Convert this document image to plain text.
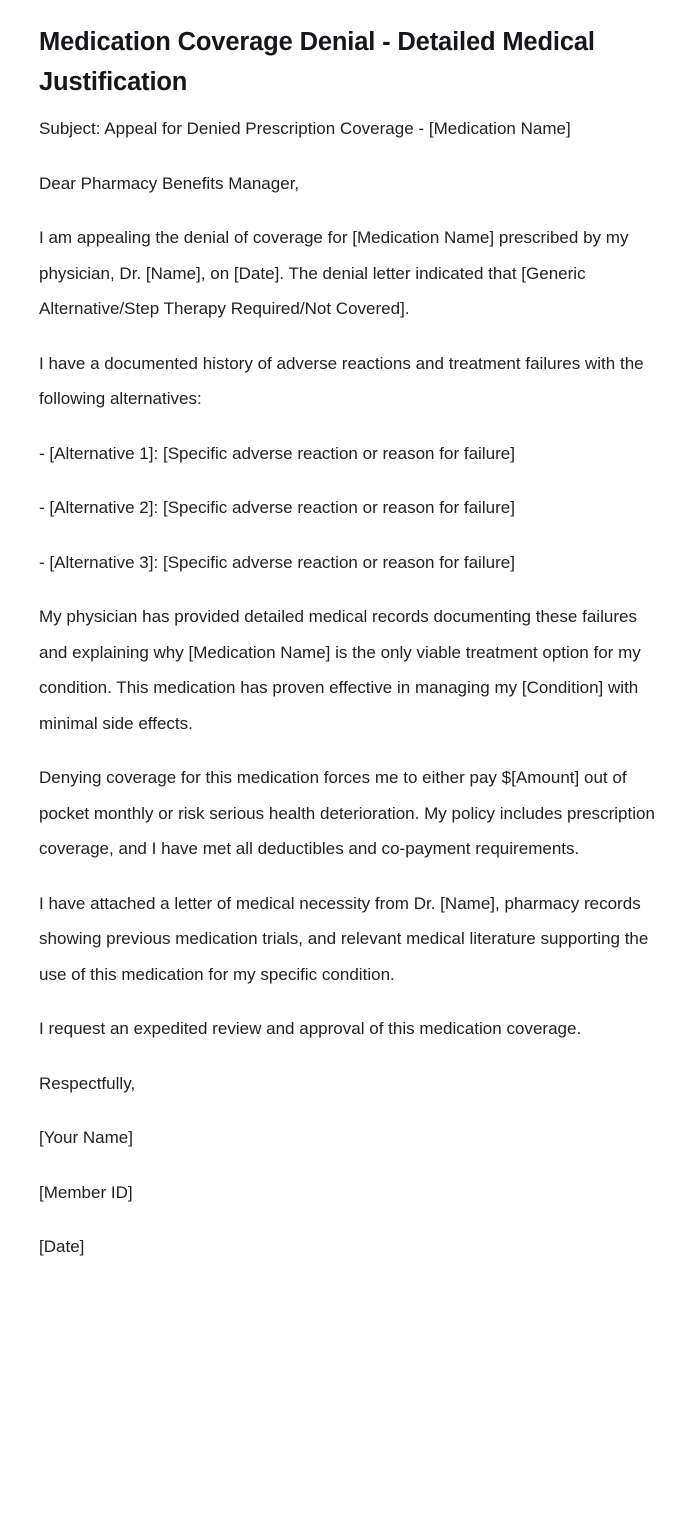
Medication Coverage Denial - Detailed Medical Justification

Subject: Appeal for Denied Prescription Coverage - [Medication Name]

Dear Pharmacy Benefits Manager,

I am appealing the denial of coverage for [Medication Name] prescribed by my physician, Dr. [Name], on [Date]. The denial letter indicated that [Generic Alternative/Step Therapy Required/Not Covered].

I have a documented history of adverse reactions and treatment failures with the following alternatives:

- [Alternative 1]: [Specific adverse reaction or reason for failure]

- [Alternative 2]: [Specific adverse reaction or reason for failure]

- [Alternative 3]: [Specific adverse reaction or reason for failure]

My physician has provided detailed medical records documenting these failures and explaining why [Medication Name] is the only viable treatment option for my condition. This medication has proven effective in managing my [Condition] with minimal side effects.

Denying coverage for this medication forces me to either pay $[Amount] out of pocket monthly or risk serious health deterioration. My policy includes prescription coverage, and I have met all deductibles and co-payment requirements.

I have attached a letter of medical necessity from Dr. [Name], pharmacy records showing previous medication trials, and relevant medical literature supporting the use of this medication for my specific condition.

I request an expedited review and approval of this medication coverage.

Respectfully,

[Your Name]

[Member ID]

[Date]
